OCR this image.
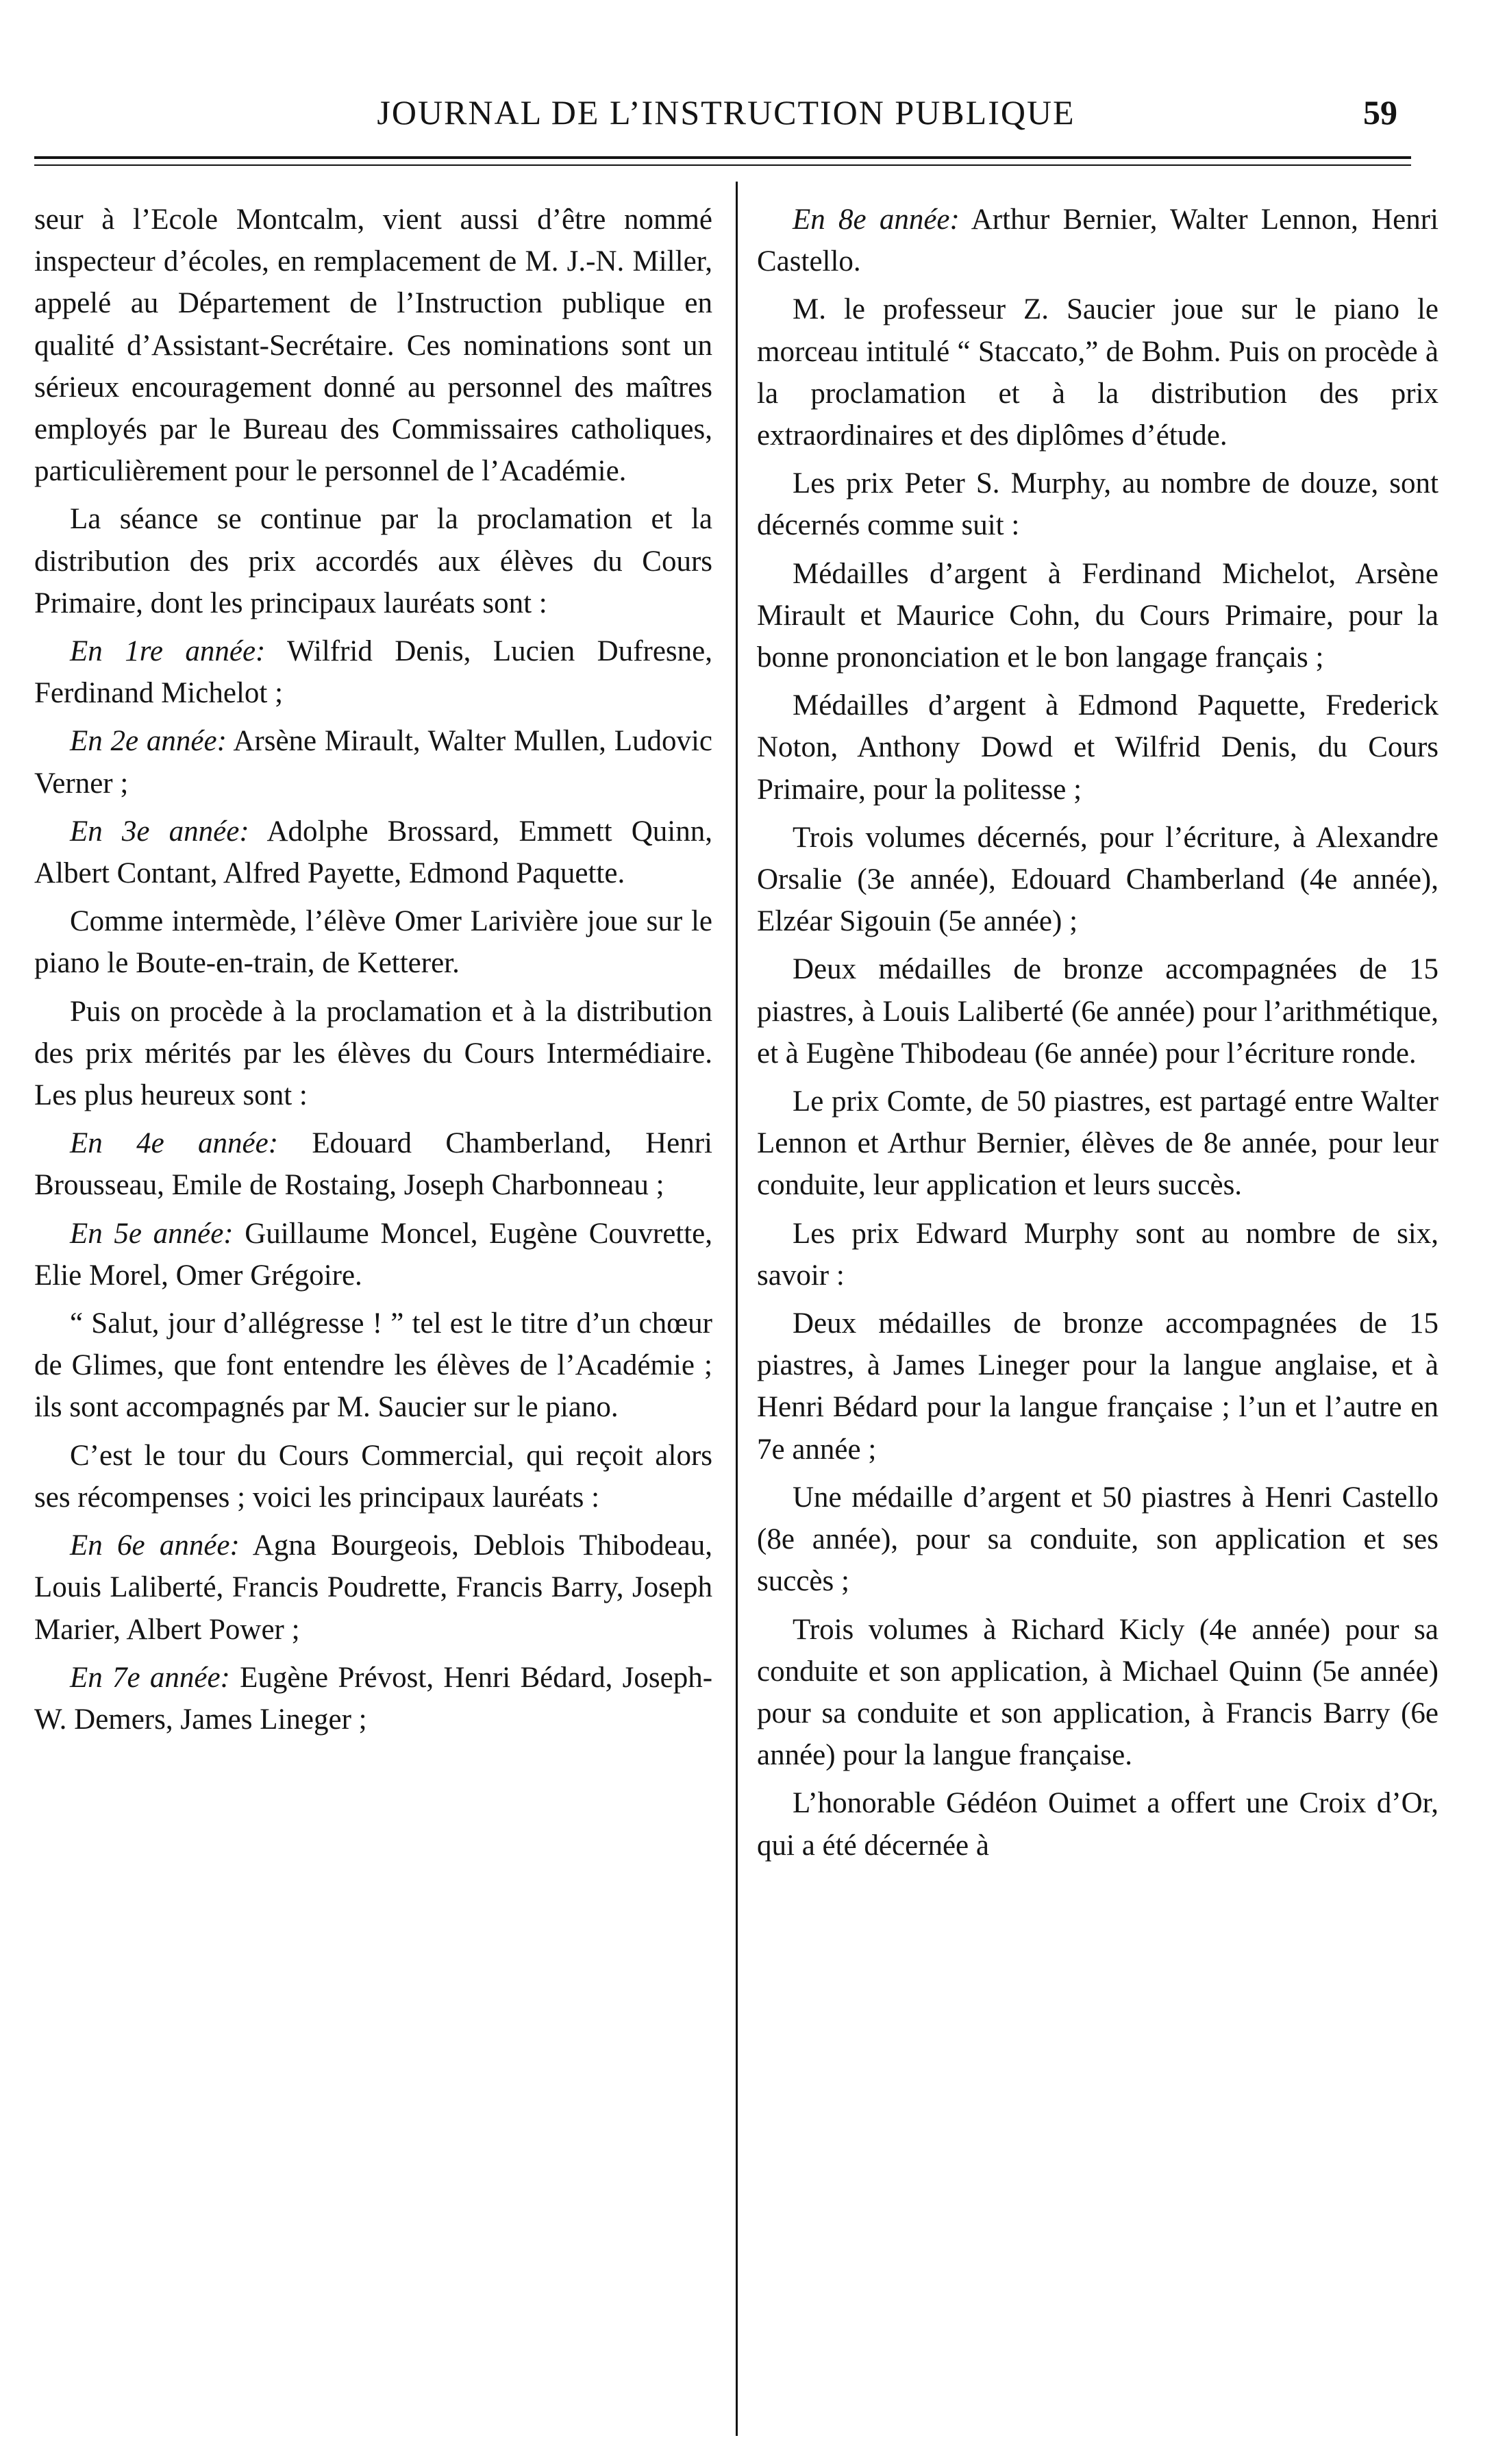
JOURNAL DE L’INSTRUCTION PUBLIQUE	59

seur à l’Ecole Montcalm, vient aussi d’être nommé inspecteur d’écoles, en remplacement de M. J.-N. Miller, appelé au Département de l’Instruction publique en qualité d’Assistant-Secrétaire. Ces nominations sont un sérieux encouragement donné au personnel des maîtres employés par le Bureau des Commissaires catholiques, particulièrement pour le personnel de l’Académie.

La séance se continue par la proclamation et la distribution des prix accordés aux élèves du Cours Primaire, dont les principaux lauréats sont :

En 1re année: Wilfrid Denis, Lucien Dufresne, Ferdinand Michelot ;

En 2e année: Arsène Mirault, Walter Mullen, Ludovic Verner ;

En 3e année: Adolphe Brossard, Emmett Quinn, Albert Contant, Alfred Payette, Edmond Paquette.

Comme intermède, l’élève Omer Larivière joue sur le piano le Boute-en-train, de Ketterer.

Puis on procède à la proclamation et à la distribution des prix mérités par les élèves du Cours Intermédiaire. Les plus heureux sont :

En 4e année: Edouard Chamberland, Henri Brousseau, Emile de Rostaing, Joseph Charbonneau ;

En 5e année: Guillaume Moncel, Eugène Couvrette, Elie Morel, Omer Grégoire.

“ Salut, jour d’allégresse ! ” tel est le titre d’un chœur de Glimes, que font entendre les élèves de l’Académie ; ils sont accompagnés par M. Saucier sur le piano.

C’est le tour du Cours Commercial, qui reçoit alors ses récompenses ; voici les principaux lauréats :

En 6e année: Agna Bourgeois, Deblois Thibodeau, Louis Laliberté, Francis Poudrette, Francis Barry, Joseph Marier, Albert Power ;

En 7e année: Eugène Prévost, Henri Bédard, Joseph-W. Demers, James Lineger ;

En 8e année: Arthur Bernier, Walter Lennon, Henri Castello.

M. le professeur Z. Saucier joue sur le piano le morceau intitulé “ Staccato,” de Bohm. Puis on procède à la proclamation et à la distribution des prix extraordinaires et des diplômes d’étude.

Les prix Peter S. Murphy, au nombre de douze, sont décernés comme suit :

Médailles d’argent à Ferdinand Michelot, Arsène Mirault et Maurice Cohn, du Cours Primaire, pour la bonne prononciation et le bon langage français ;

Médailles d’argent à Edmond Paquette, Frederick Noton, Anthony Dowd et Wilfrid Denis, du Cours Primaire, pour la politesse ;

Trois volumes décernés, pour l’écriture, à Alexandre Orsalie (3e année), Edouard Chamberland (4e année), Elzéar Sigouin (5e année) ;

Deux médailles de bronze accompagnées de 15 piastres, à Louis Laliberté (6e année) pour l’arithmétique, et à Eugène Thibodeau (6e année) pour l’écriture ronde.

Le prix Comte, de 50 piastres, est partagé entre Walter Lennon et Arthur Bernier, élèves de 8e année, pour leur conduite, leur application et leurs succès.

Les prix Edward Murphy sont au nombre de six, savoir :

Deux médailles de bronze accompagnées de 15 piastres, à James Lineger pour la langue anglaise, et à Henri Bédard pour la langue française ; l’un et l’autre en 7e année ;

Une médaille d’argent et 50 piastres à Henri Castello (8e année), pour sa conduite, son application et ses succès ;

Trois volumes à Richard Kicly (4e année) pour sa conduite et son application, à Michael Quinn (5e année) pour sa conduite et son application, à Francis Barry (6e année) pour la langue française.

L’honorable Gédéon Ouimet a offert une Croix d’Or, qui a été décernée à
